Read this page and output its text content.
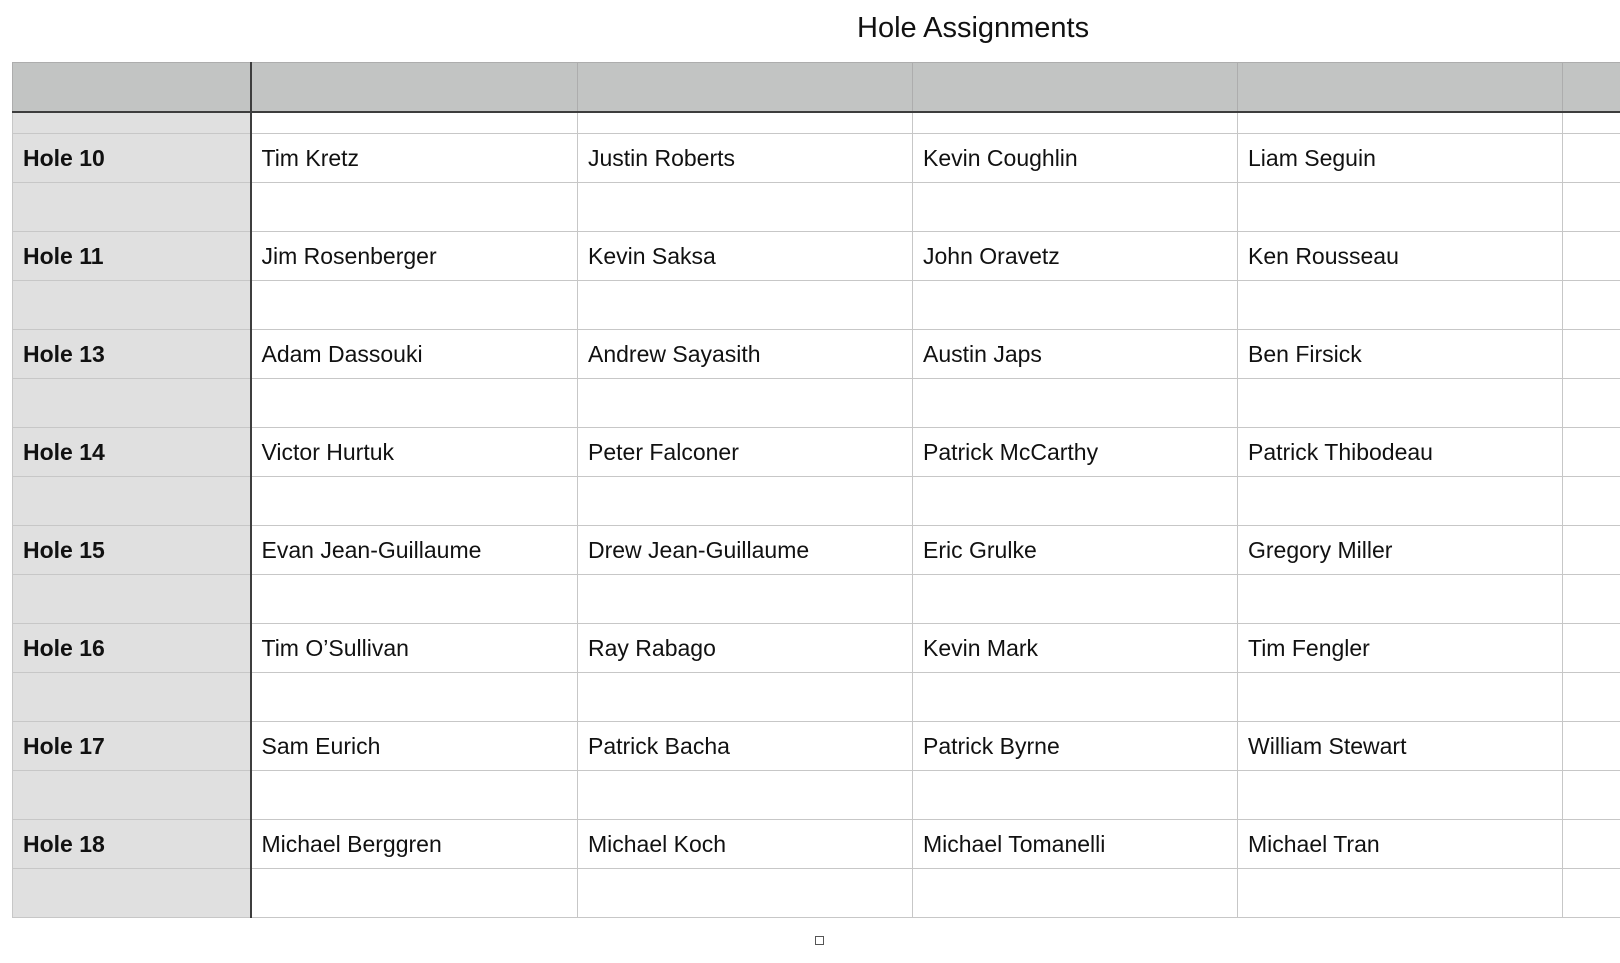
Hole Assignments

Hole 10	Tim Kretz	Justin Roberts	Kevin Coughlin	Liam Seguin	

Hole 11	Jim Rosenberger	Kevin Saksa	John Oravetz	Ken Rousseau	

Hole 13	Adam Dassouki	Andrew Sayasith	Austin Japs	Ben Firsick	

Hole 14	Victor Hurtuk	Peter Falconer	Patrick McCarthy	Patrick Thibodeau	

Hole 15	Evan Jean-Guillaume	Drew Jean-Guillaume	Eric Grulke	Gregory Miller	

Hole 16	Tim O’Sullivan	Ray Rabago	Kevin Mark	Tim Fengler	

Hole 17	Sam Eurich	Patrick Bacha	Patrick Byrne	William Stewart	

Hole 18	Michael Berggren	Michael Koch	Michael Tomanelli	Michael Tran	
